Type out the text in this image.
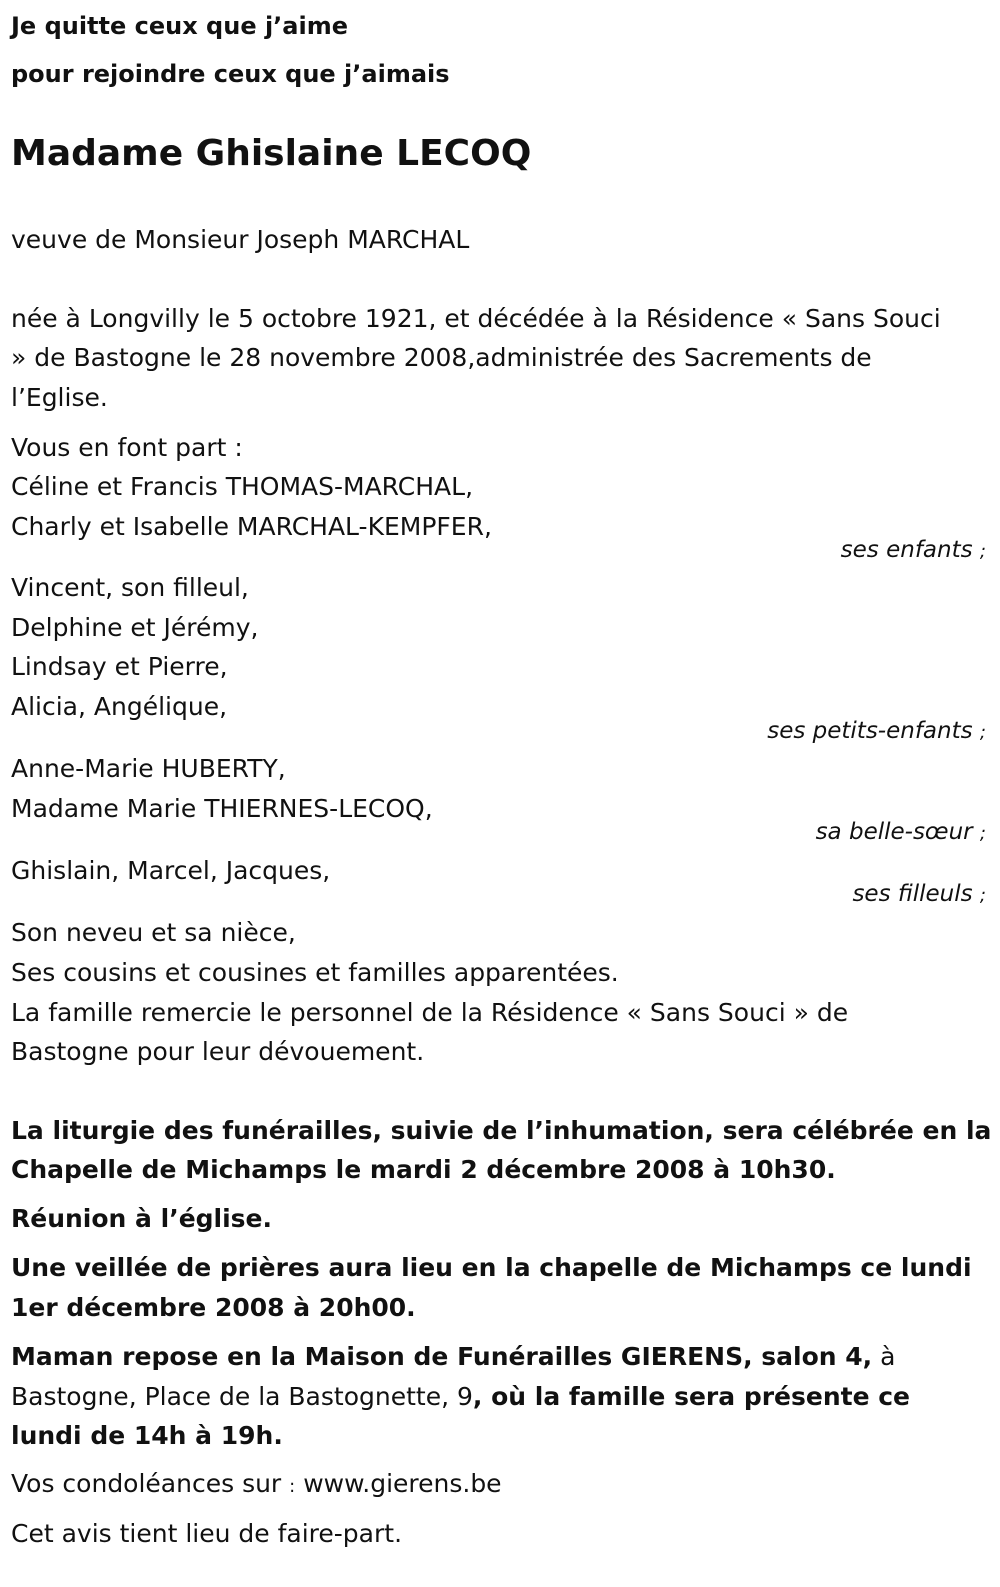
Je quitte ceux que j’aime
pour rejoindre ceux que j’aimais
Madame Ghislaine LECOQ
veuve de Monsieur Joseph MARCHAL
née à Longvilly le 5 octobre 1921, et décédée à la Résidence « Sans Souci
» de Bastogne le 28 novembre 2008,administrée des Sacrements de
l’Eglise.
Vous en font part :
Céline et Francis THOMAS-MARCHAL,
Charly et Isabelle MARCHAL-KEMPFER,
ses enfants ;
Vincent, son filleul,
Delphine et Jérémy,
Lindsay et Pierre,
Alicia, Angélique,
ses petits-enfants ;
Anne-Marie HUBERTY,
Madame Marie THIERNES-LECOQ,
sa belle-sœur ;
Ghislain, Marcel, Jacques,
ses filleuls ;
Son neveu et sa nièce,
Ses cousins et cousines et familles apparentées.
La famille remercie le personnel de la Résidence « Sans Souci » de
Bastogne pour leur dévouement.
La liturgie des funérailles, suivie de l’inhumation, sera célébrée en la
Chapelle de Michamps le mardi 2 décembre 2008 à 10h30.
Réunion à l’église.
Une veillée de prières aura lieu en la chapelle de Michamps ce lundi
1er décembre 2008 à 20h00.
Maman repose en la Maison de Funérailles GIERENS, salon 4, à
Bastogne, Place de la Bastognette, 9, où la famille sera présente ce
lundi de 14h à 19h.
Vos condoléances sur : www.gierens.be
Cet avis tient lieu de faire-part.
